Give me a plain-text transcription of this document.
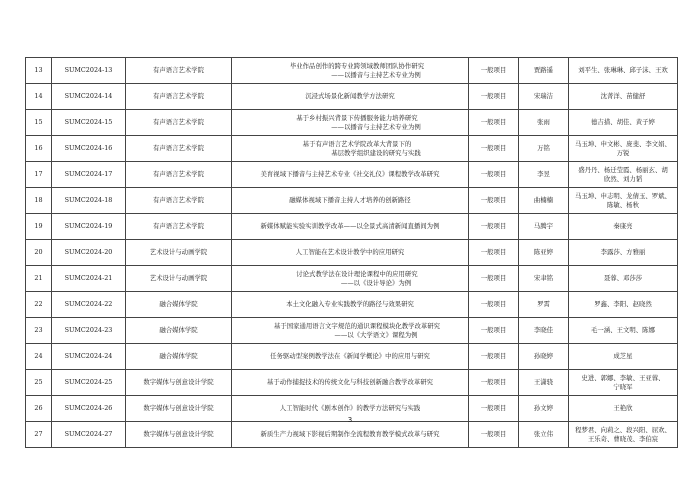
13	SUMC2024-13	有声语言艺术学院	毕业作品创作的跨专业跨领域教师团队协作研究
——以播音与主持艺术专业为例	一般项目	贾路遥	刘平生、张琳琳、邱子沫、王欢
14	SUMC2024-14	有声语言艺术学院	沉浸式场景化新闻教学方法研究	一般项目	宋瑞洁	沈菁洋、苗健舒
15	SUMC2024-15	有声语言艺术学院	基于乡村振兴背景下传播服务能力培养研究
——以播音与主持艺术专业为例	一般项目	张雨	德吉措、胡佳、黄子婷
16	SUMC2024-16	有声语言艺术学院	基于有声语言艺术学院改革大背景下的
基层教学组织建设的研究与实践	一般项目	万铭	马玉坤、申文彬、庞斐、李文娟、
万锐
17	SUMC2024-17	有声语言艺术学院	美育视域下播音与主持艺术专业《社交礼仪》课程教学改革研究	一般项目	李昱	盛丹丹、杨迁莹霞、杨丽玄、胡
欣然、刘力韬
18	SUMC2024-18	有声语言艺术学院	融媒体视域下播音主持人才培养的创新路径	一般项目	曲楠楠	马玉坤、申志明、龙倩玉、罗斌、
陈敏、杨秋
19	SUMC2024-19	有声语言艺术学院	新媒体赋能实验实训教学改革——以全景式高清新闻直播间为例	一般项目	马腾宇	秦康亮
20	SUMC2024-20	艺术设计与动画学院	人工智能在艺术设计教学中的应用研究	一般项目	陈亚婷	李露莎、方雅丽
21	SUMC2024-21	艺术设计与动画学院	讨论式教学法在设计理论课程中的应用研究
——以《设计导论》为例	一般项目	宋聿铭	聂蓉、邓莎莎
22	SUMC2024-22	融合媒体学院	本土文化融入专业实践教学的路径与效果研究	一般项目	罗霄	罗鑫、李阳、赵晓然
23	SUMC2024-23	融合媒体学院	基于国家通用语言文字规范的通识课程模块化教学改革研究
——以《大学语文》课程为例	一般项目	李晓佳	毛一涵、王文明、陈娜
24	SUMC2024-24	融合媒体学院	任务驱动型案例教学法在《新闻学概论》中的应用与研究	一般项目	孙晓婷	成芝星
25	SUMC2024-25	数字媒体与创意设计学院	基于动作捕捉技术的传统文化与科技创新融合教学改革研究	一般项目	王潇骁	史进、郭娜、李敏、王亚蓉、
宁晓军
26	SUMC2024-26	数字媒体与创意设计学院	人工智能时代《剧本创作》的教学方法研究与实践	一般项目	孙文婷	王艳欣
27	SUMC2024-27	数字媒体与创意设计学院	新质生产力视域下影视后期制作全流程教育教学模式改革与研究	一般项目	张立伟	程梦君、向莉之、段兴阳、屈欢、
王乐奇、曹晓茂、李伯宸
3
